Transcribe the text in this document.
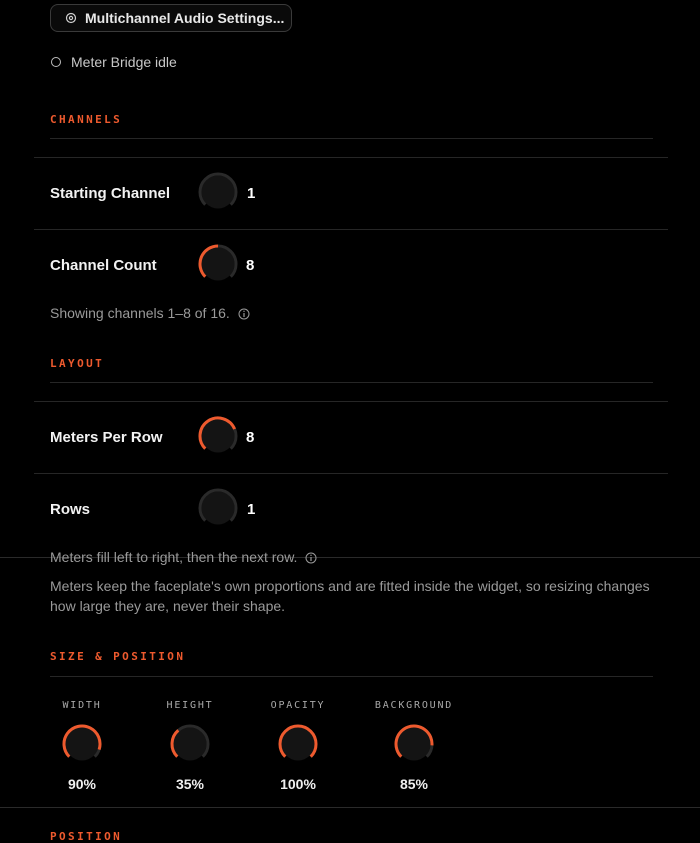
Multichannel Audio Settings...
Meter Bridge idle
CHANNELS
Starting Channel	1
Channel Count	8
Showing channels 1–8 of 16.
LAYOUT
Meters Per Row	8
Rows	1
Meters fill left to right, then the next row.
Meters keep the faceplate's own proportions and are fitted inside the widget, so resizing changes how large they are, never their shape.
SIZE & POSITION
WIDTH
90%
HEIGHT
35%
OPACITY
100%
BACKGROUND
85%
POSITION
